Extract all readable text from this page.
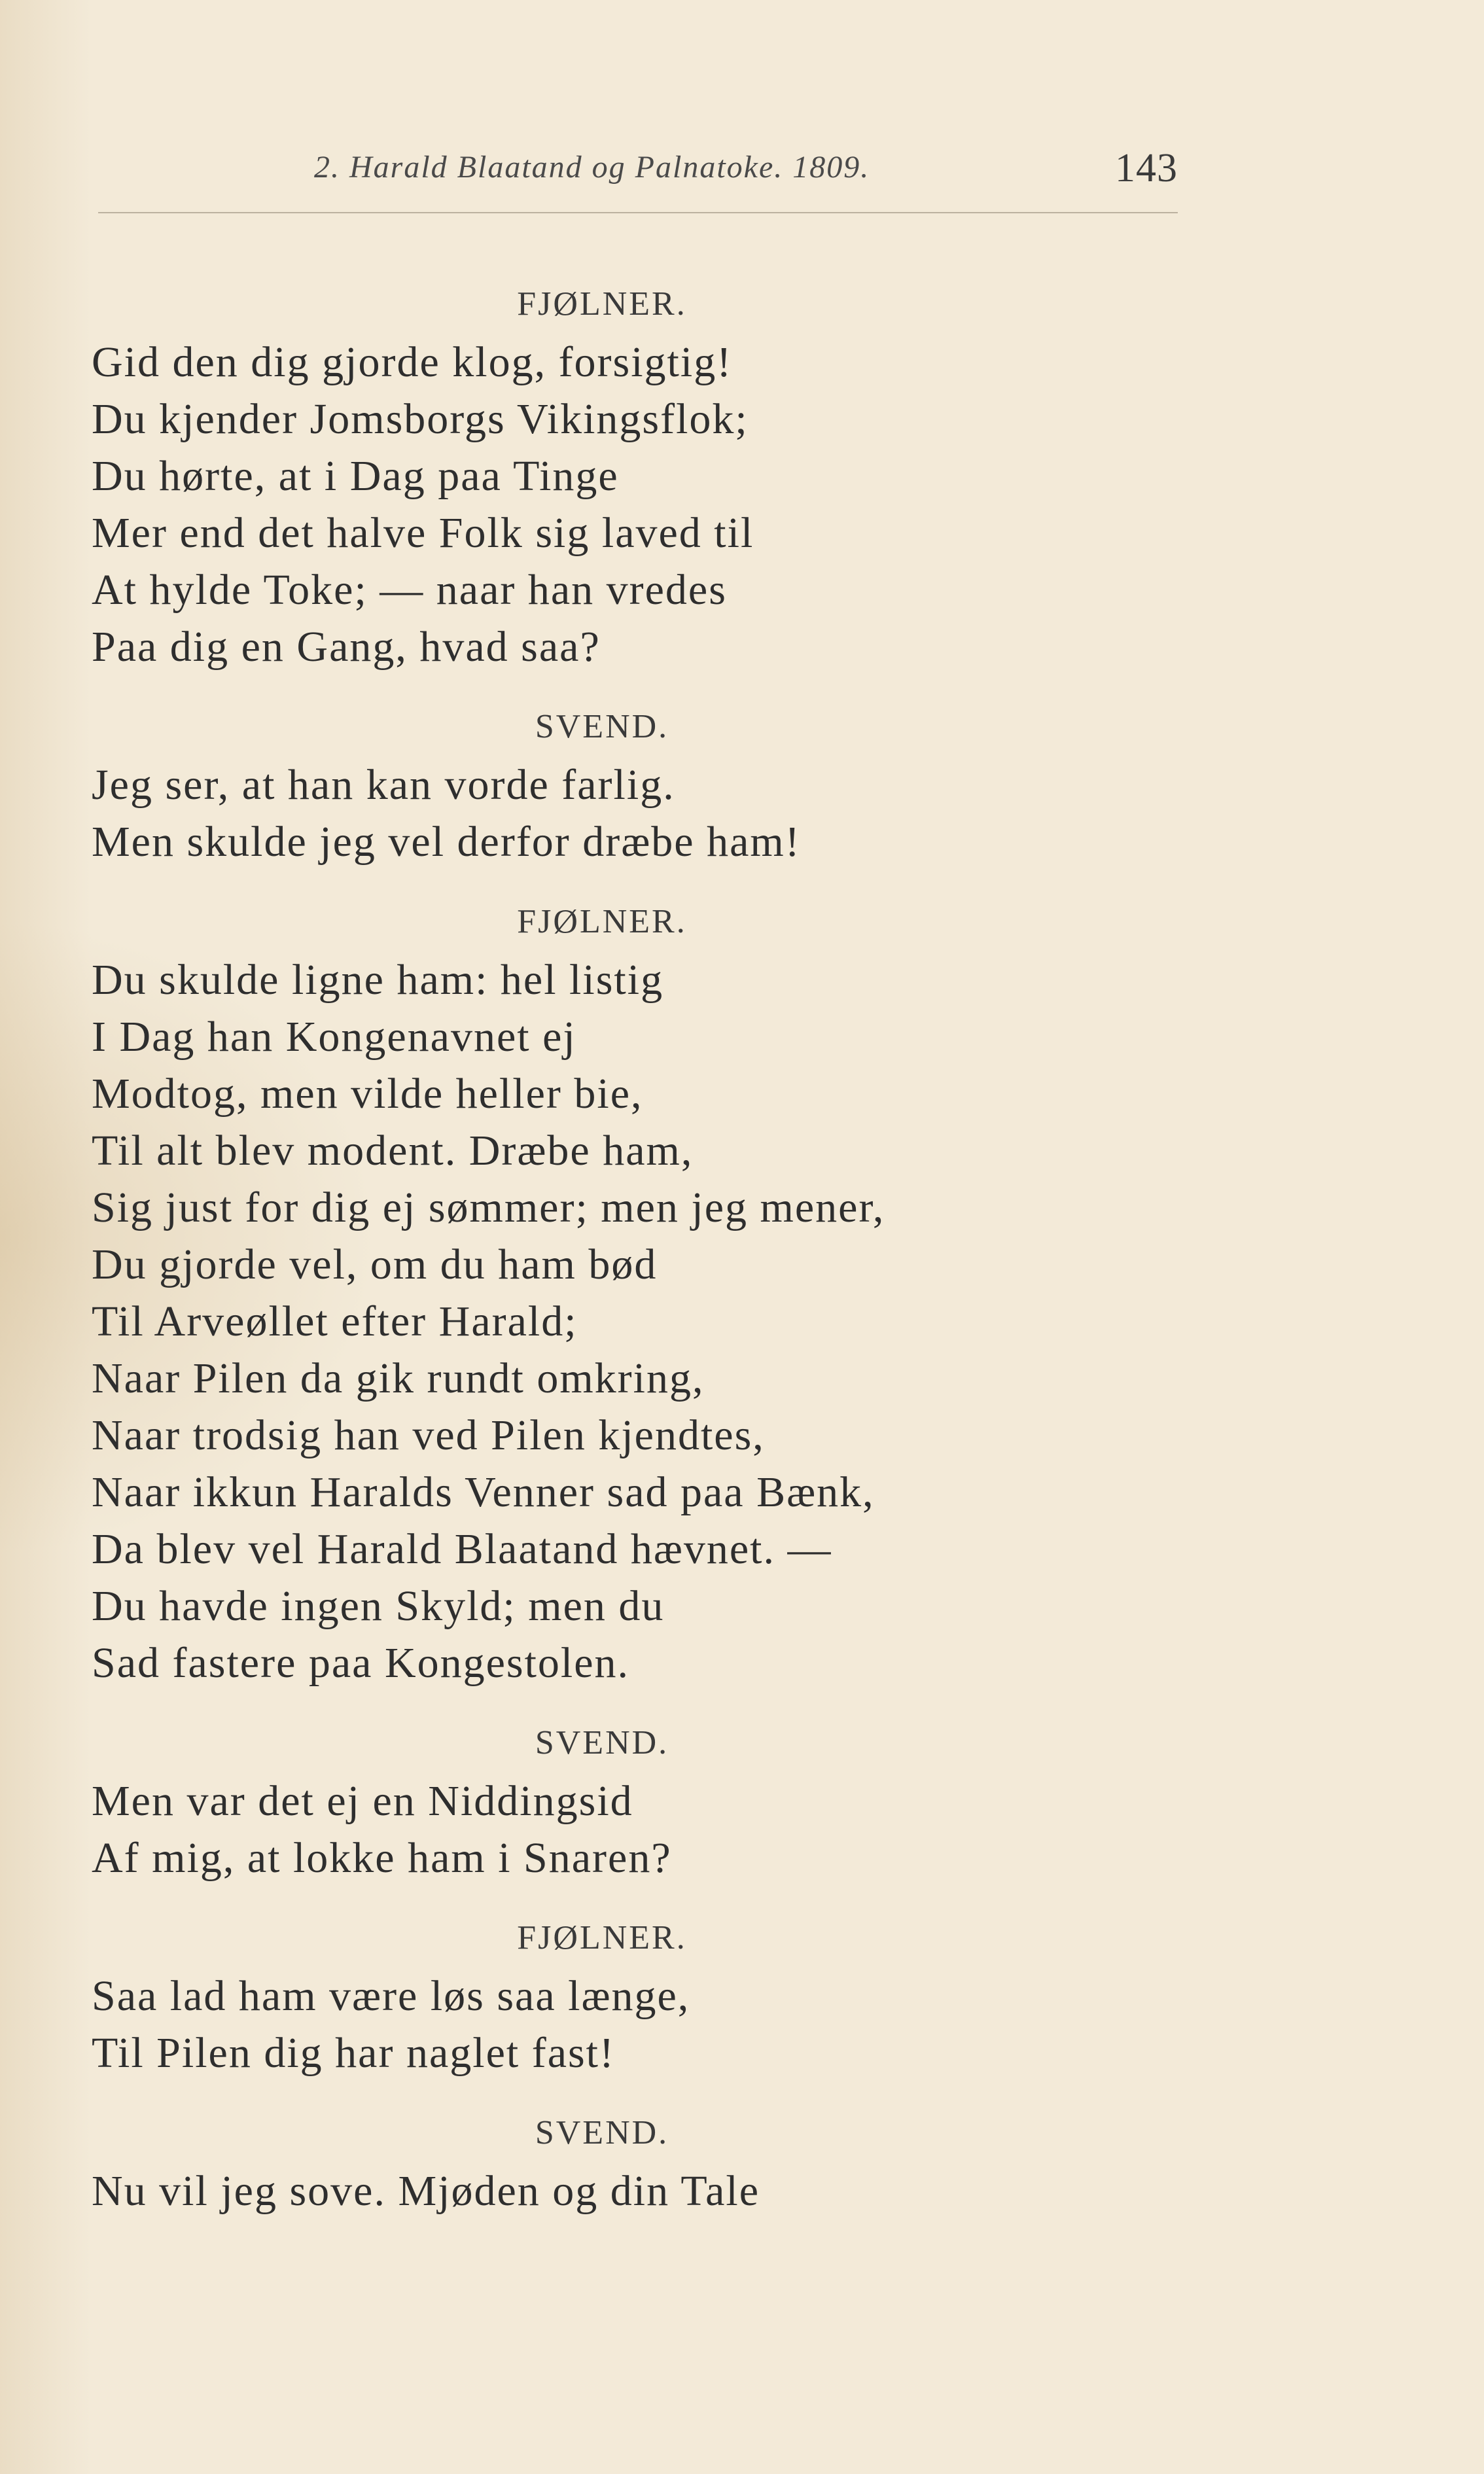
2. Harald Blaatand og Palnatoke. 1809.	143
FJØLNER.
Gid den dig gjorde klog, forsigtig!
Du kjender Jomsborgs Vikingsflok;
Du hørte, at i Dag paa Tinge
Mer end det halve Folk sig laved til
At hylde Toke; — naar han vredes
Paa dig en Gang, hvad saa?
SVEND.
Jeg ser, at han kan vorde farlig.
Men skulde jeg vel derfor dræbe ham!
FJØLNER.
Du skulde ligne ham: hel listig
I Dag han Kongenavnet ej
Modtog, men vilde heller bie,
Til alt blev modent. Dræbe ham,
Sig just for dig ej sømmer; men jeg mener,
Du gjorde vel, om du ham bød
Til Arveøllet efter Harald;
Naar Pilen da gik rundt omkring,
Naar trodsig han ved Pilen kjendtes,
Naar ikkun Haralds Venner sad paa Bænk,
Da blev vel Harald Blaatand hævnet. —
Du havde ingen Skyld; men du
Sad fastere paa Kongestolen.
SVEND.
Men var det ej en Niddingsid
Af mig, at lokke ham i Snaren?
FJØLNER.
Saa lad ham være løs saa længe,
Til Pilen dig har naglet fast!
SVEND.
Nu vil jeg sove. Mjøden og din Tale
